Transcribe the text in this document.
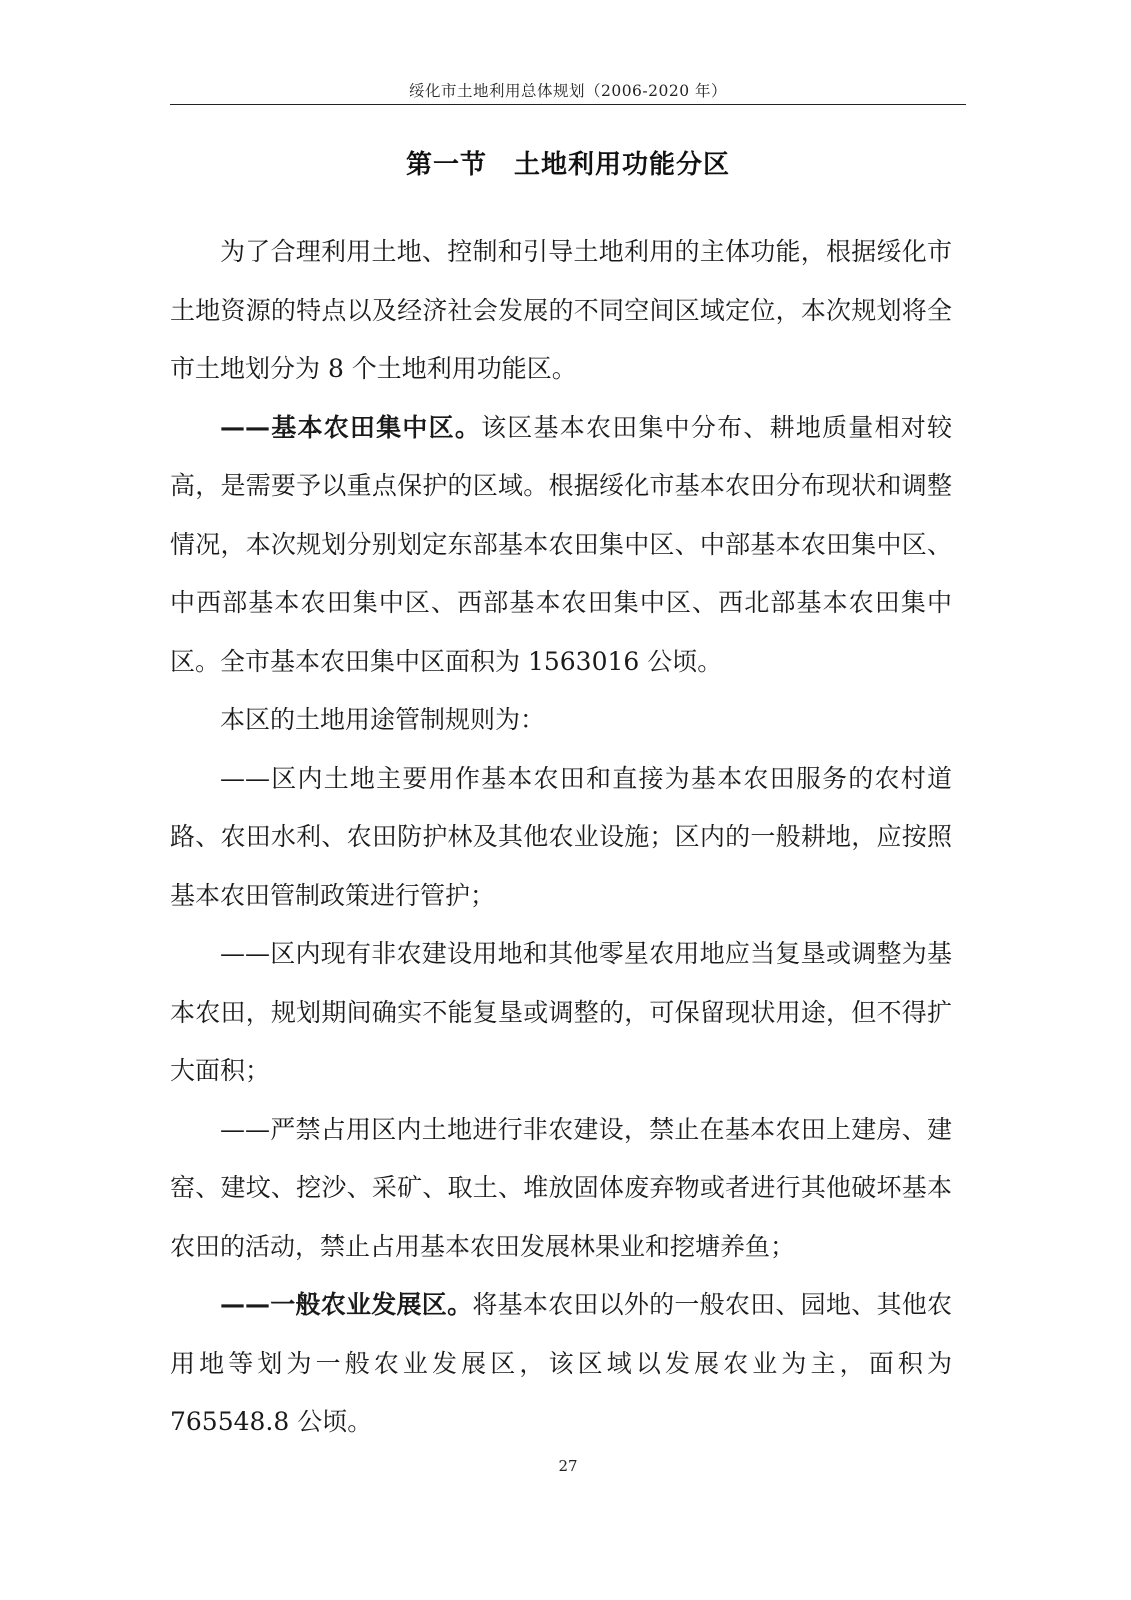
绥化市土地利用总体规划（2006-2020 年）
第一节　土地利用功能分区

为了合理利用土地、控制和引导土地利用的主体功能，根据绥化市土地资源的特点以及经济社会发展的不同空间区域定位，本次规划将全市土地划分为 8 个土地利用功能区。

——基本农田集中区。该区基本农田集中分布、耕地质量相对较高，是需要予以重点保护的区域。根据绥化市基本农田分布现状和调整情况，本次规划分别划定东部基本农田集中区、中部基本农田集中区、中西部基本农田集中区、西部基本农田集中区、西北部基本农田集中区。全市基本农田集中区面积为 1563016 公顷。

本区的土地用途管制规则为：

——区内土地主要用作基本农田和直接为基本农田服务的农村道路、农田水利、农田防护林及其他农业设施；区内的一般耕地，应按照基本农田管制政策进行管护；

——区内现有非农建设用地和其他零星农用地应当复垦或调整为基本农田，规划期间确实不能复垦或调整的，可保留现状用途，但不得扩大面积；

——严禁占用区内土地进行非农建设，禁止在基本农田上建房、建窑、建坟、挖沙、采矿、取土、堆放固体废弃物或者进行其他破坏基本农田的活动，禁止占用基本农田发展林果业和挖塘养鱼；

——一般农业发展区。将基本农田以外的一般农田、园地、其他农用地等划为一般农业发展区，该区域以发展农业为主，面积为 765548.8 公顷。

27
